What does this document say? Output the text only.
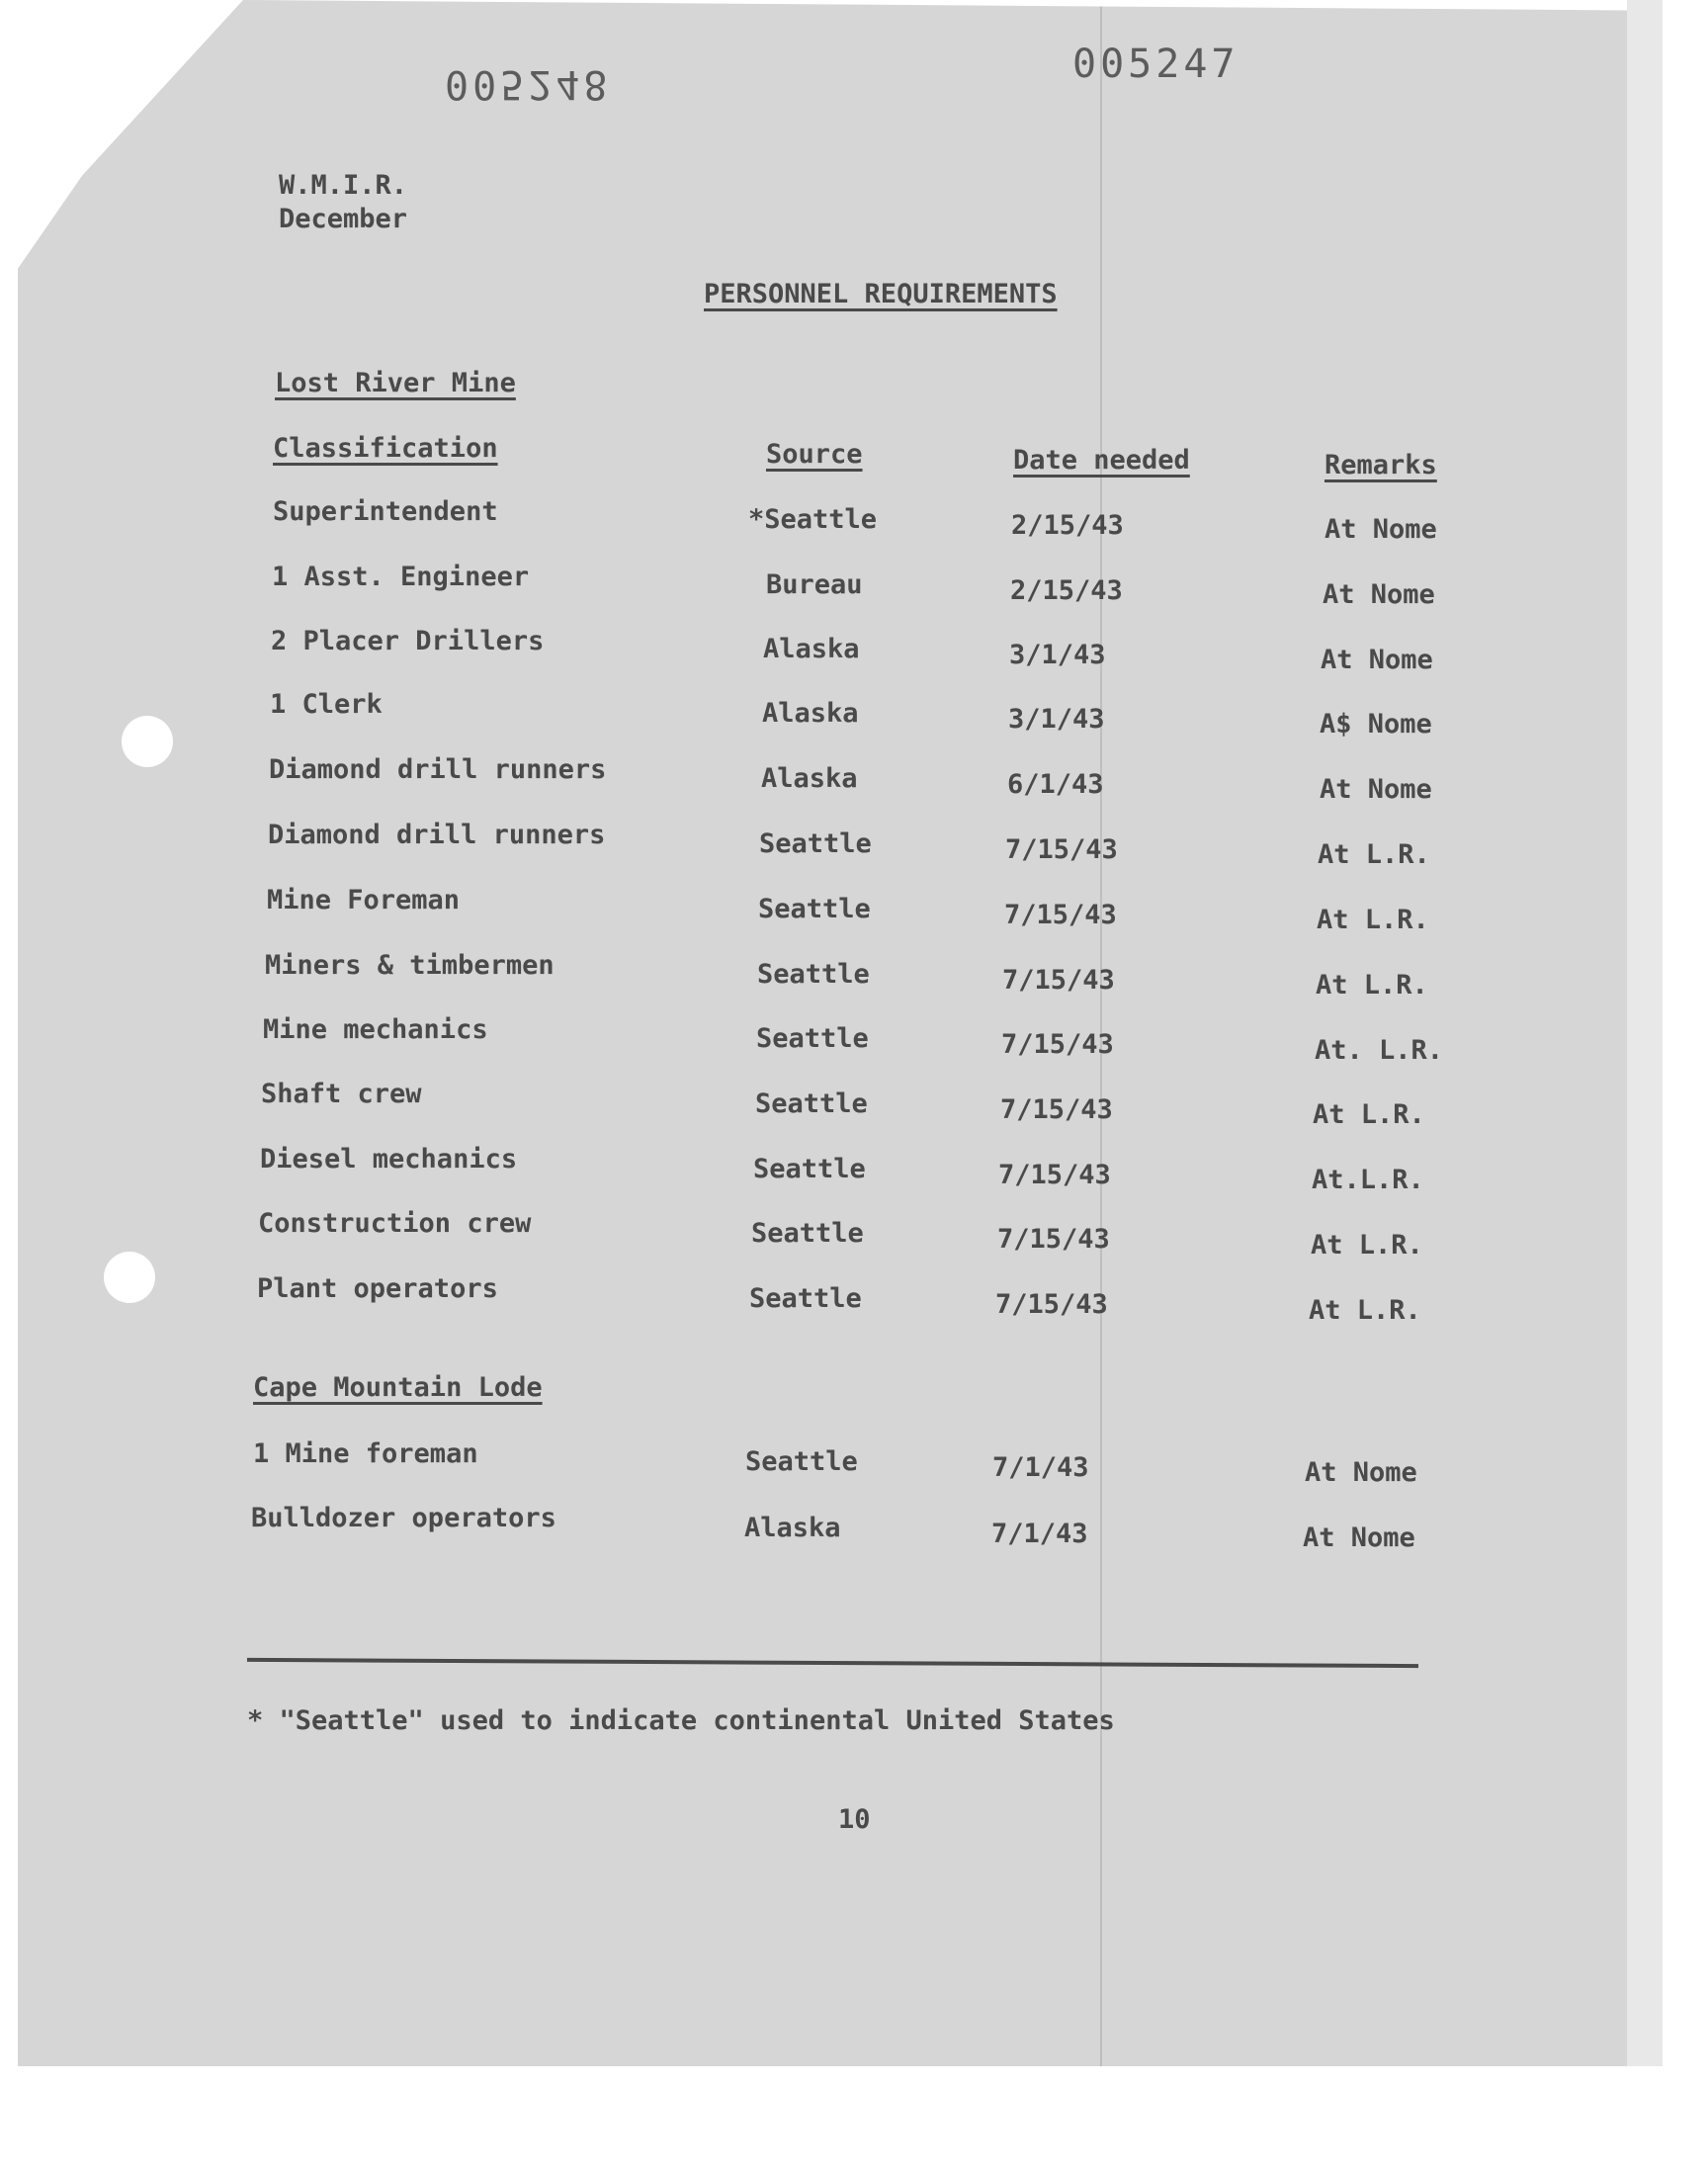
005248	005247
W.M.I.R.
December
PERSONNEL REQUIREMENTS
Lost River Mine
Classification	Source	Date needed	Remarks
Superintendent	*Seattle	2/15/43	At Nome
1 Asst. Engineer	Bureau	2/15/43	At Nome
2 Placer Drillers	Alaska	3/1/43	At Nome
1 Clerk	Alaska	3/1/43	A$ Nome
Diamond drill runners	Alaska	6/1/43	At Nome
Diamond drill runners	Seattle	7/15/43	At L.R.
Mine Foreman	Seattle	7/15/43	At L.R.
Miners & timbermen	Seattle	7/15/43	At L.R.
Mine mechanics	Seattle	7/15/43	At. L.R.
Shaft crew	Seattle	7/15/43	At L.R.
Diesel mechanics	Seattle	7/15/43	At.L.R.
Construction crew	Seattle	7/15/43	At L.R.
Plant operators	Seattle	7/15/43	At L.R.
Cape Mountain Lode
1 Mine foreman	Seattle	7/1/43	At Nome
Bulldozer operators	Alaska	7/1/43	At Nome
* "Seattle" used to indicate continental United States
10
